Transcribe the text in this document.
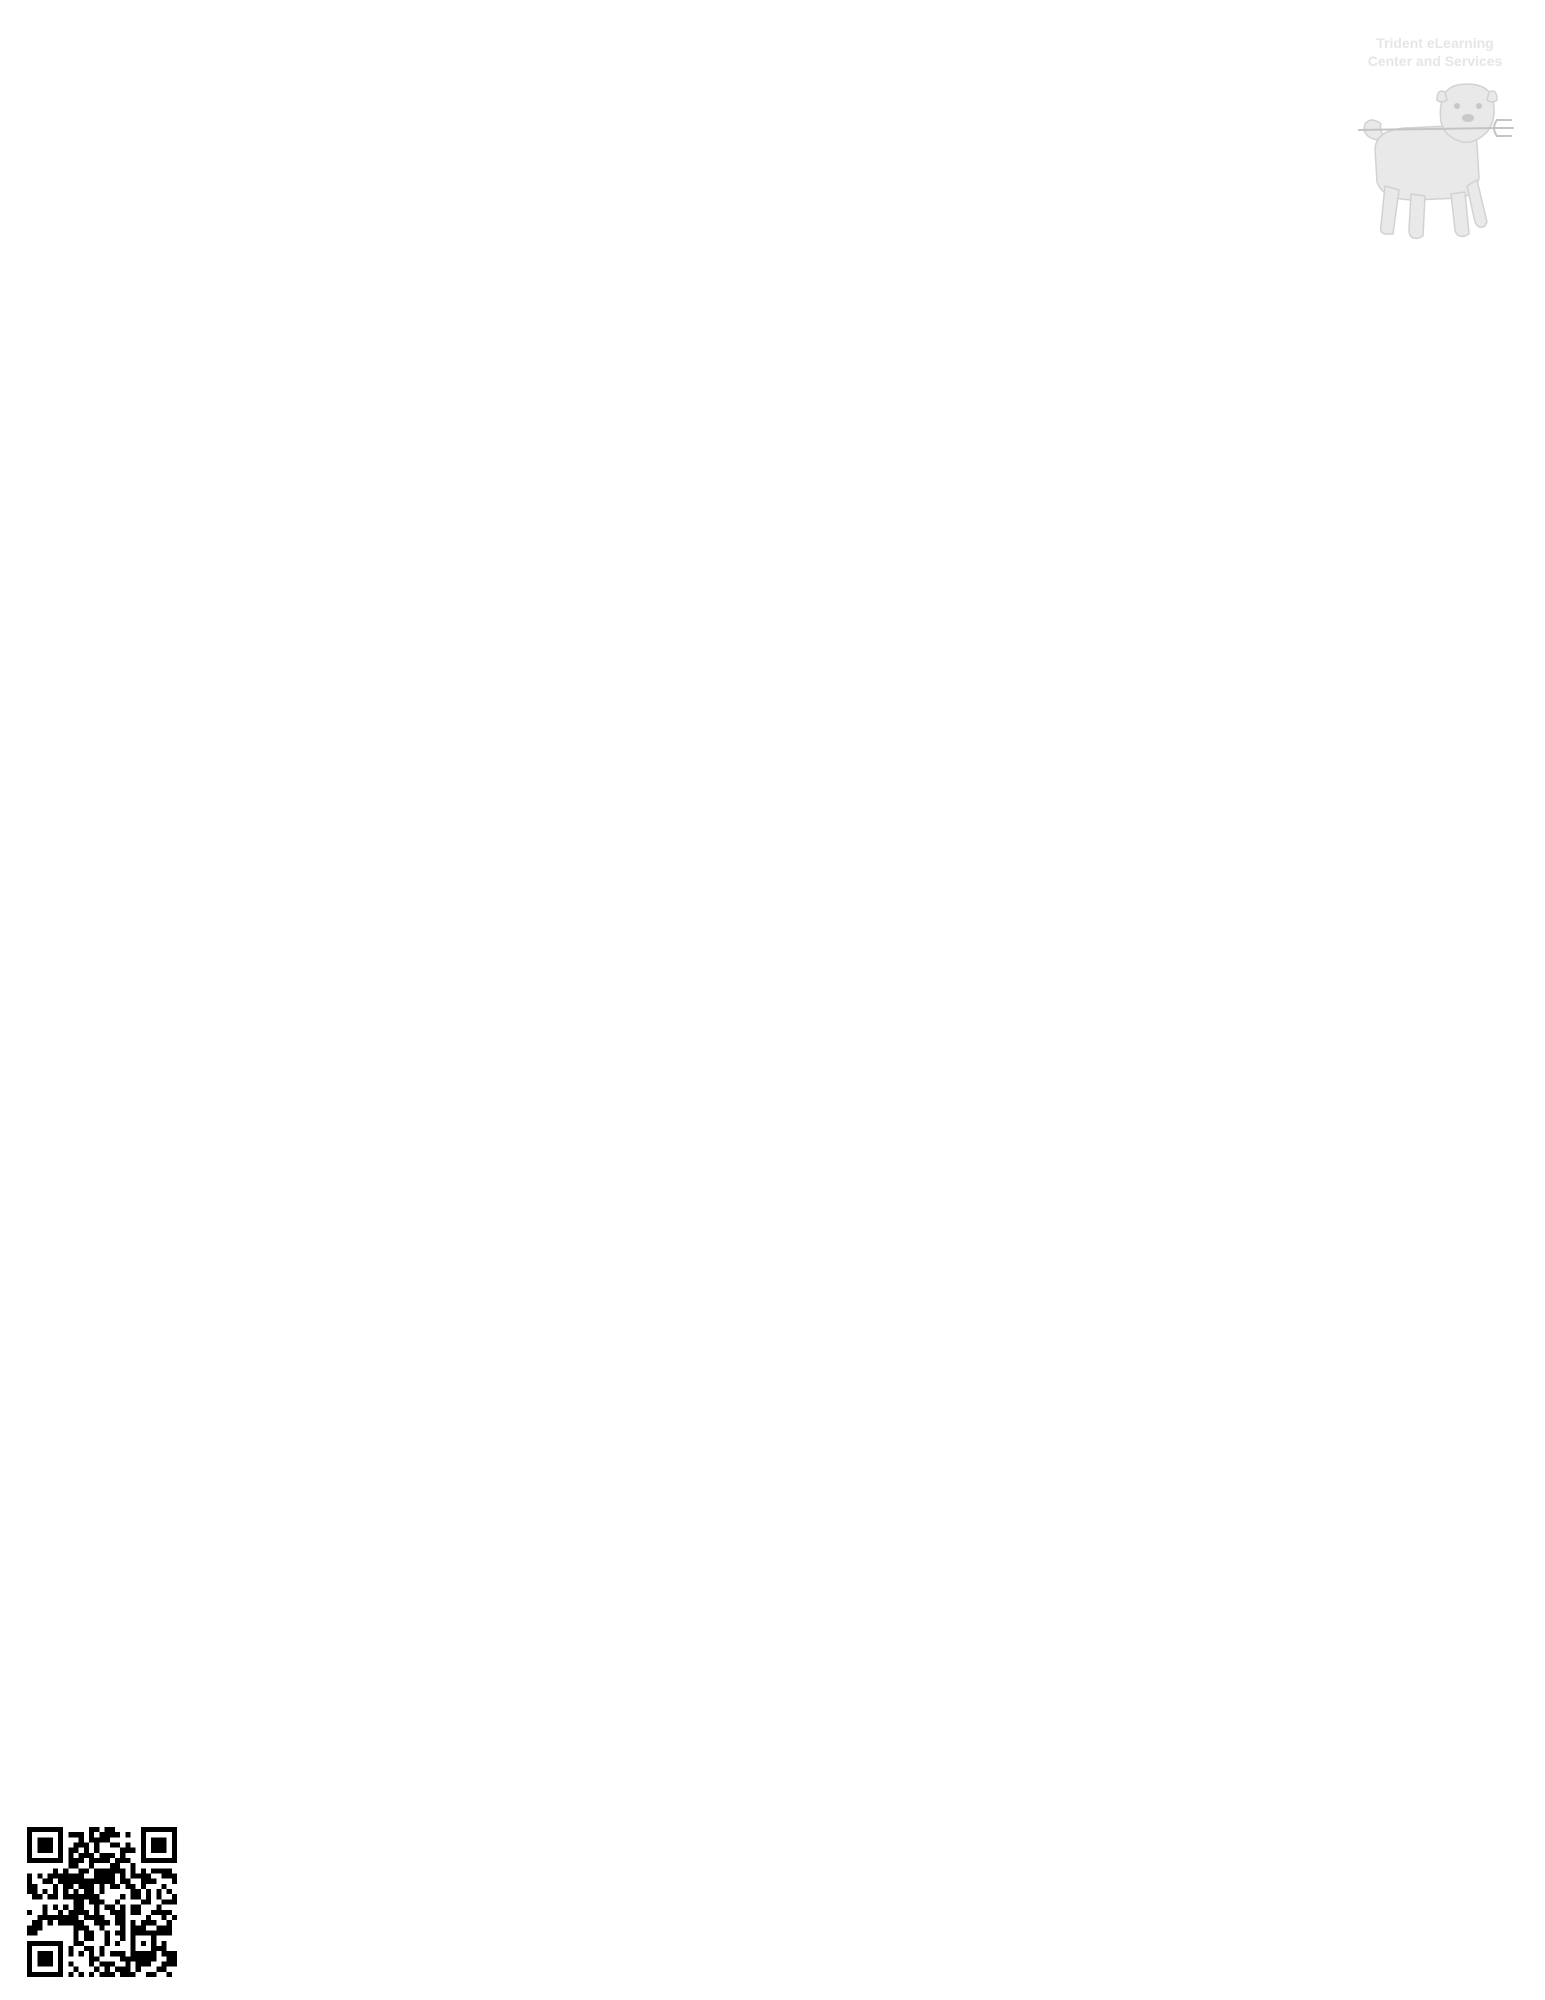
Trident eLearning
Center and Services
